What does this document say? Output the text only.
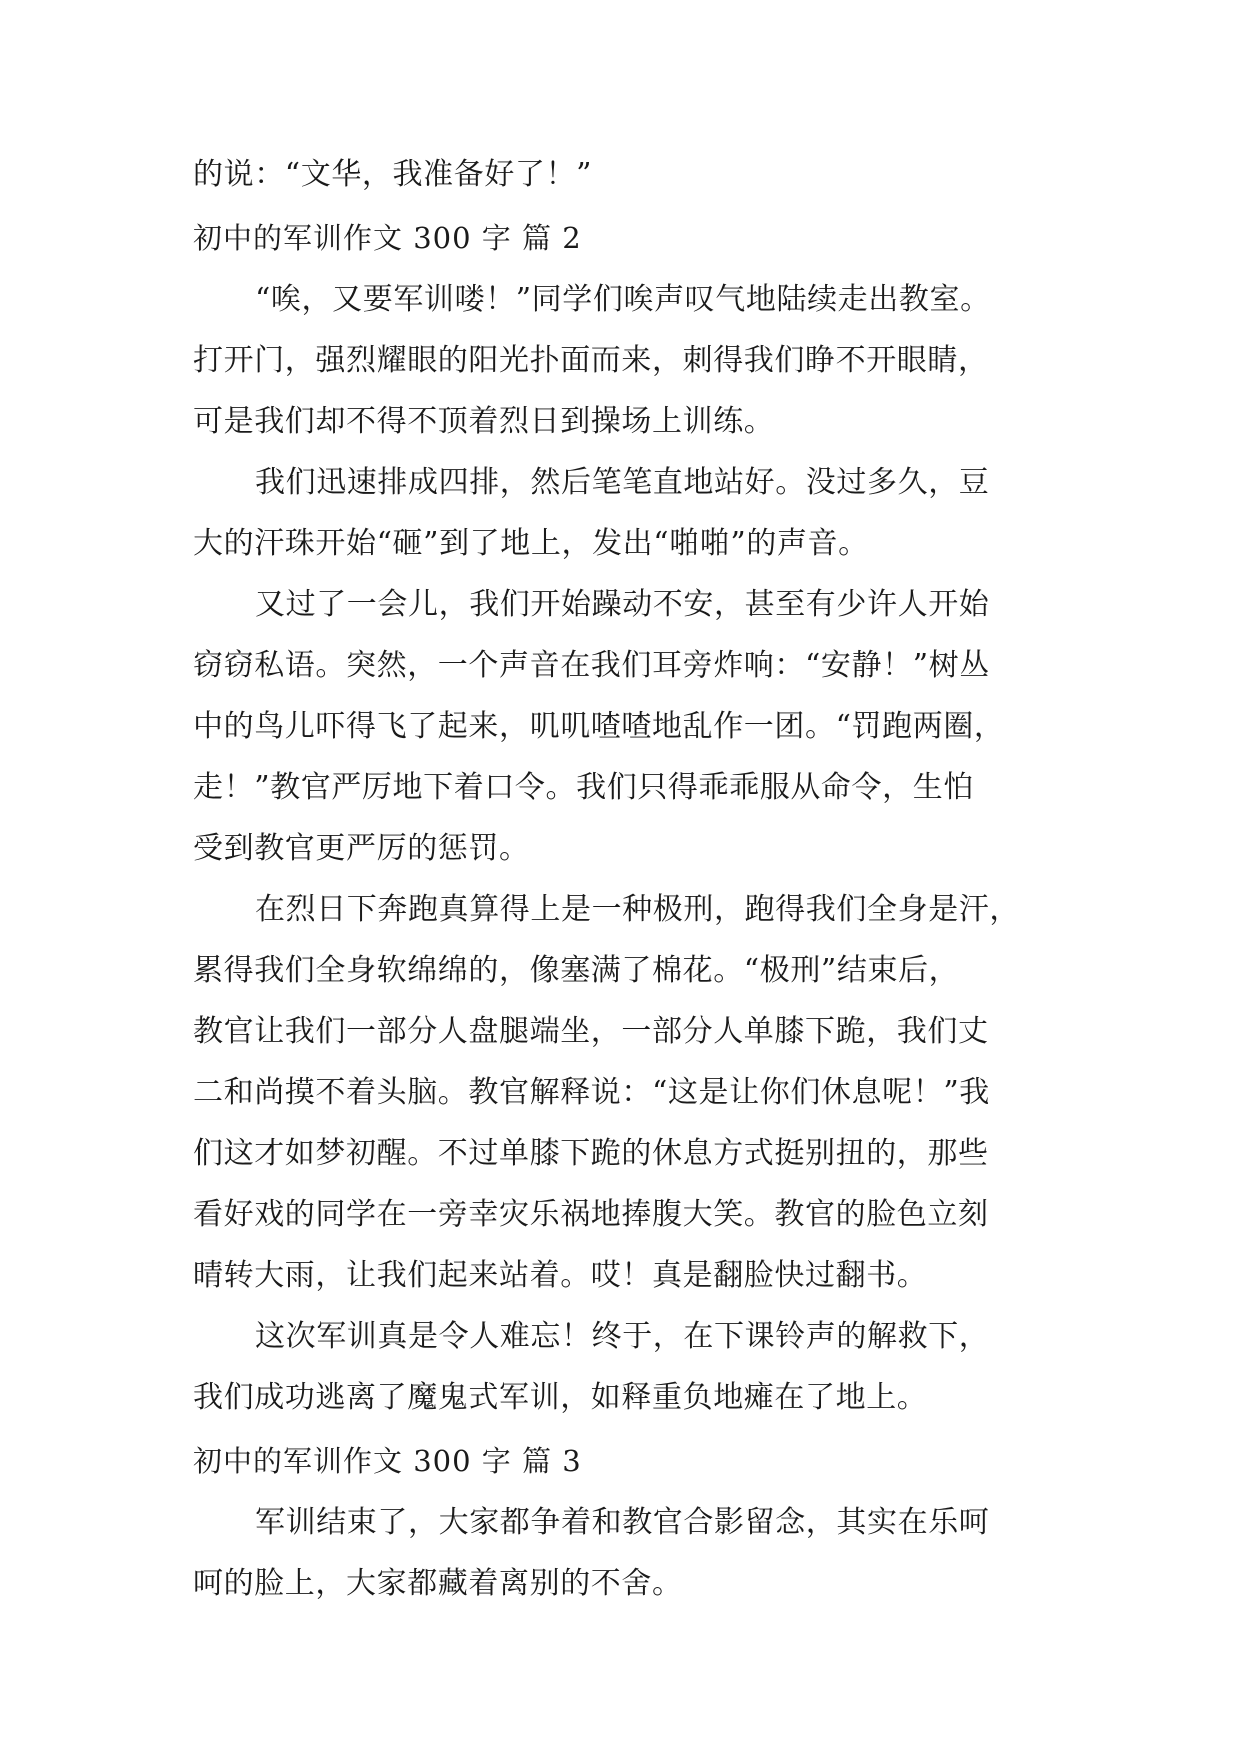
的说：“文华，我准备好了！”
初中的军训作文 300 字 篇 2
“唉，又要军训喽！”同学们唉声叹气地陆续走出教室。
打开门，强烈耀眼的阳光扑面而来，刺得我们睁不开眼睛，
可是我们却不得不顶着烈日到操场上训练。
我们迅速排成四排，然后笔笔直地站好。没过多久，豆
大的汗珠开始“砸”到了地上，发出“啪啪”的声音。
又过了一会儿，我们开始躁动不安，甚至有少许人开始
窃窃私语。突然，一个声音在我们耳旁炸响：“安静！”树丛
中的鸟儿吓得飞了起来，叽叽喳喳地乱作一团。“罚跑两圈，
走！”教官严厉地下着口令。我们只得乖乖服从命令，生怕
受到教官更严厉的惩罚。
在烈日下奔跑真算得上是一种极刑，跑得我们全身是汗，
累得我们全身软绵绵的，像塞满了棉花。“极刑”结束后，
教官让我们一部分人盘腿端坐，一部分人单膝下跪，我们丈
二和尚摸不着头脑。教官解释说：“这是让你们休息呢！”我
们这才如梦初醒。不过单膝下跪的休息方式挺别扭的，那些
看好戏的同学在一旁幸灾乐祸地捧腹大笑。教官的脸色立刻
晴转大雨，让我们起来站着。哎！真是翻脸快过翻书。
这次军训真是令人难忘！终于，在下课铃声的解救下，
我们成功逃离了魔鬼式军训，如释重负地瘫在了地上。
初中的军训作文 300 字 篇 3
军训结束了，大家都争着和教官合影留念，其实在乐呵
呵的脸上，大家都藏着离别的不舍。
